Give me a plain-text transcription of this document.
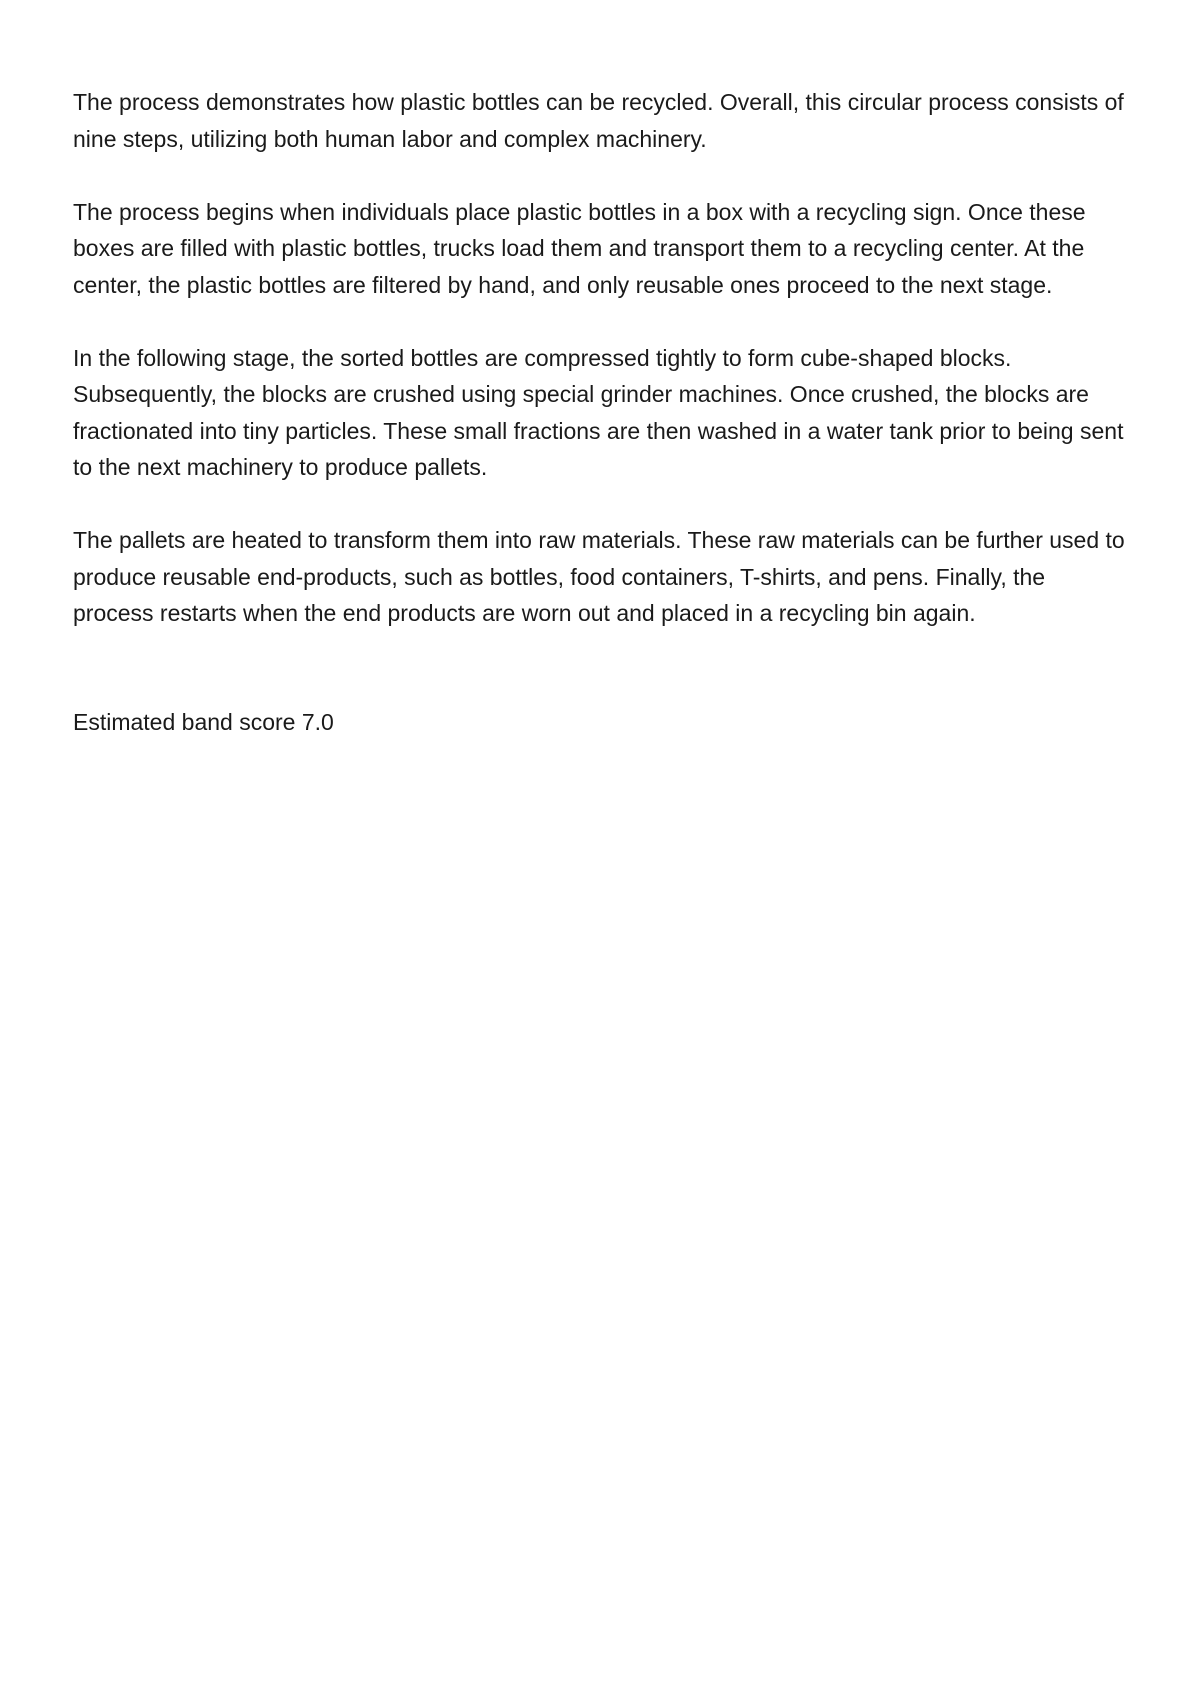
The process demonstrates how plastic bottles can be recycled. Overall, this circular process consists of nine steps, utilizing both human labor and complex machinery.

The process begins when individuals place plastic bottles in a box with a recycling sign. Once these boxes are filled with plastic bottles, trucks load them and transport them to a recycling center. At the center, the plastic bottles are filtered by hand, and only reusable ones proceed to the next stage.

In the following stage, the sorted bottles are compressed tightly to form cube-shaped blocks. Subsequently, the blocks are crushed using special grinder machines. Once crushed, the blocks are fractionated into tiny particles. These small fractions are then washed in a water tank prior to being sent to the next machinery to produce pallets.

The pallets are heated to transform them into raw materials. These raw materials can be further used to produce reusable end-products, such as bottles, food containers, T-shirts, and pens. Finally, the process restarts when the end products are worn out and placed in a recycling bin again.

Estimated band score 7.0
